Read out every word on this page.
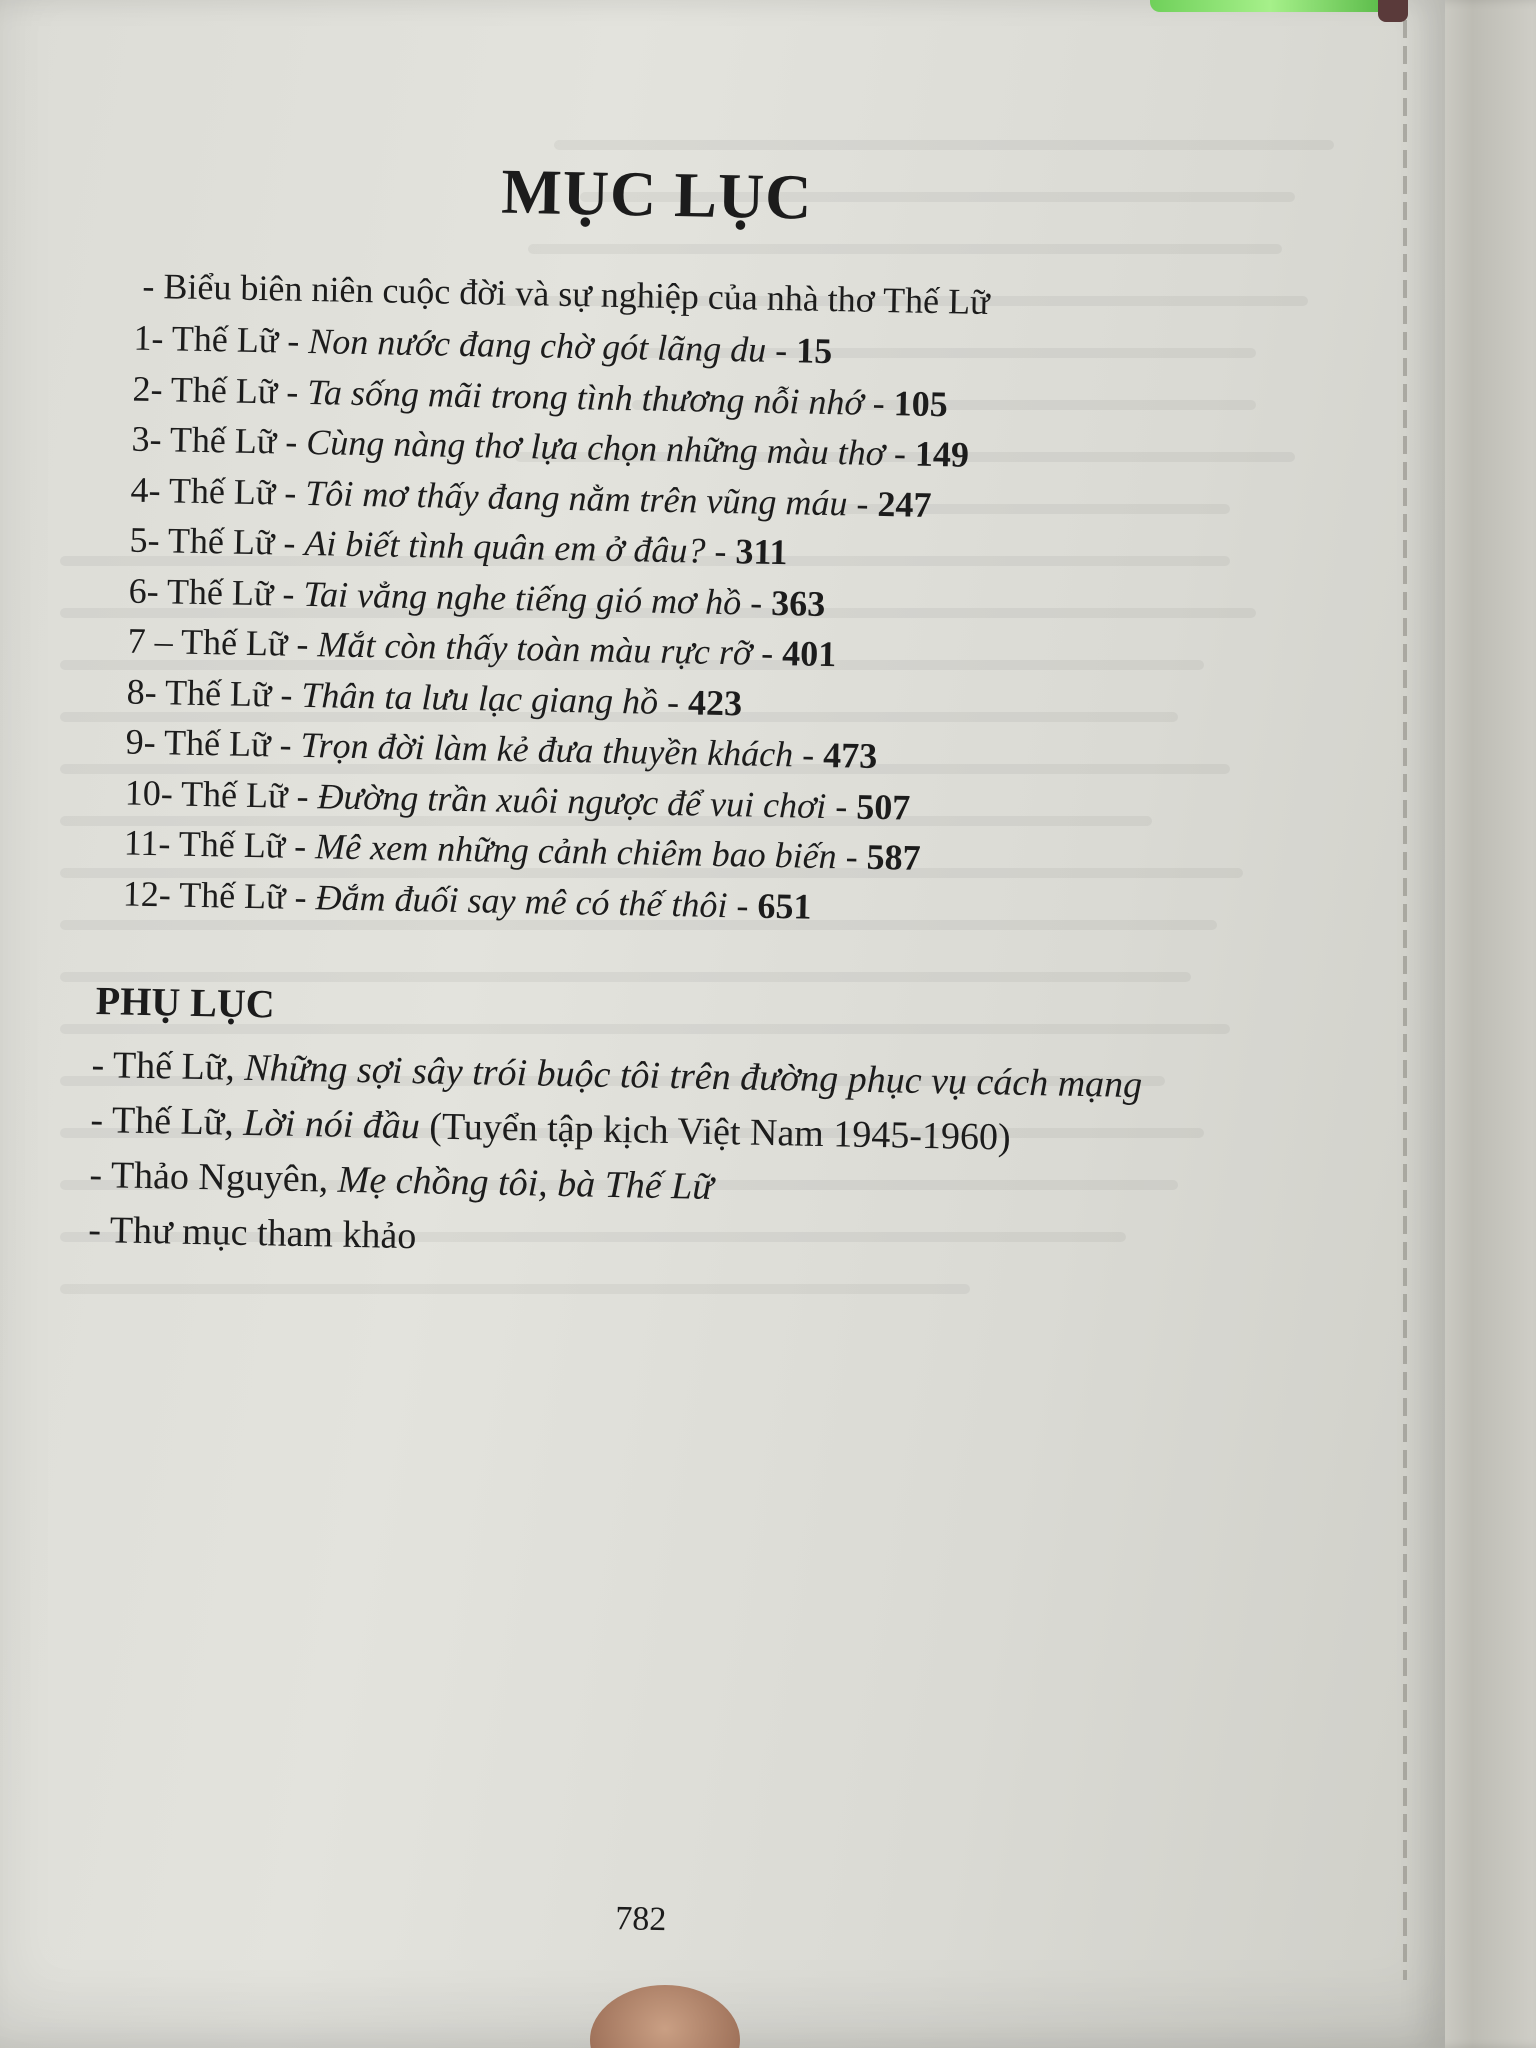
MỤC LỤC
- Biểu biên niên cuộc đời và sự nghiệp của nhà thơ Thế Lữ
1- Thế Lữ - Non nước đang chờ gót lãng du - 15
2- Thế Lữ - Ta sống mãi trong tình thương nỗi nhớ - 105
3- Thế Lữ - Cùng nàng thơ lựa chọn những màu thơ - 149
4- Thế Lữ - Tôi mơ thấy đang nằm trên vũng máu - 247
5- Thế Lữ - Ai biết tình quân em ở đâu? - 311
6- Thế Lữ - Tai vẳng nghe tiếng gió mơ hồ - 363
7 – Thế Lữ - Mắt còn thấy toàn màu rực rỡ - 401
8- Thế Lữ - Thân ta lưu lạc giang hồ - 423
9- Thế Lữ - Trọn đời làm kẻ đưa thuyền khách - 473
10- Thế Lữ - Đường trần xuôi ngược để vui chơi - 507
11- Thế Lữ - Mê xem những cảnh chiêm bao biến - 587
12- Thế Lữ - Đắm đuối say mê có thế thôi - 651
PHỤ LỤC
- Thế Lữ, Những sợi sây trói buộc tôi trên đường phục vụ cách mạng
- Thế Lữ, Lời nói đầu (Tuyển tập kịch Việt Nam 1945-1960)
- Thảo Nguyên, Mẹ chồng tôi, bà Thế Lữ
- Thư mục tham khảo
782
